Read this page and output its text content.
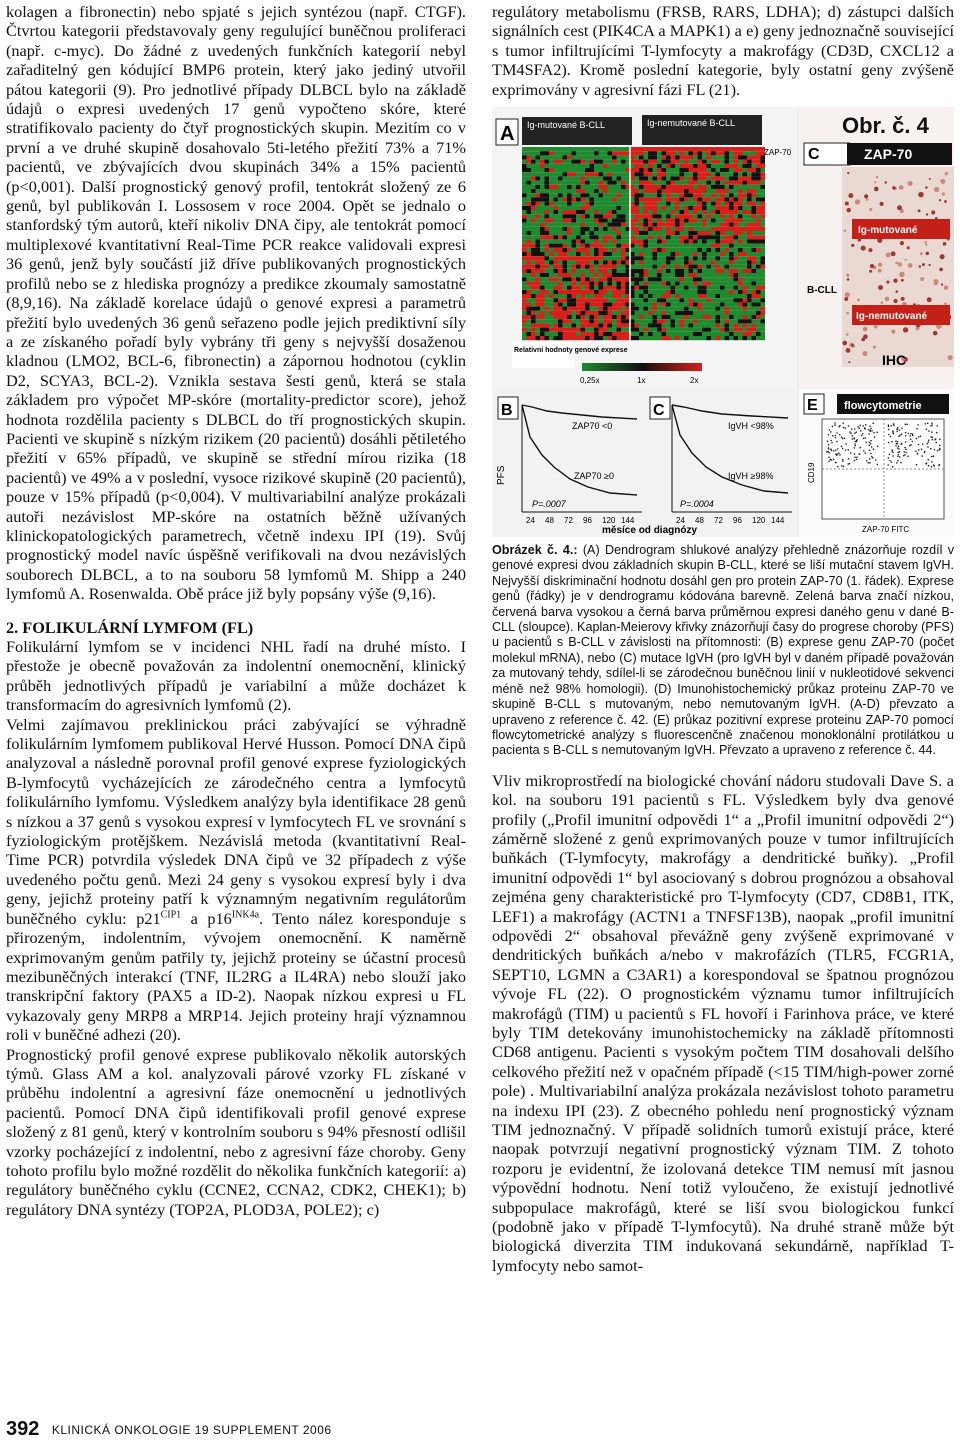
kolagen a fibronectin) nebo spjaté s jejich syntézou (např. CTGF). Čtvrtou kategorii představovaly geny regulující buněčnou proliferaci (např. c-myc). Do žádné z uvedených funkčních kategorií nebyl zařaditelný gen kódující BMP6 protein, který jako jediný utvořil pátou kategorii (9). Pro jednotlivé případy DLBCL bylo na základě údajů o expresi uvedených 17 genů vypočteno skóre, které stratifikovalo pacienty do čtyř prognostických skupin. Mezitím co v první a ve druhé skupině dosahovalo 5ti-letého přežití 73% a 71% pacientů, ve zbývajících dvou skupinách 34% a 15% pacientů (p<0,001). Další prognostický genový profil, tentokrát složený ze 6 genů, byl publikován I. Lossosem v roce 2004. Opět se jednalo o stanfordský tým autorů, kteří nikoliv DNA čipy, ale tentokrát pomocí multiplexové kvantitativní Real-Time PCR reakce validovali expresi 36 genů, jenž byly součástí již dříve publikovaných prognostických profilů nebo se z hlediska prognózy a predikce zkoumaly samostatně (8,9,16). Na základě korelace údajů o genové expresi a parametrů přežití bylo uvedených 36 genů seřazeno podle jejich prediktivní síly a ze získaného pořadí byly vybrány tři geny s nejvyšší dosaženou kladnou (LMO2, BCL-6, fibronectin) a zápornou hodnotou (cyklin D2, SCYA3, BCL-2). Vznikla sestava šesti genů, která se stala základem pro výpočet MP-skóre (mortality-predictor score), jehož hodnota rozdělila pacienty s DLBCL do tří prognostických skupin. Pacienti ve skupině s nízkým rizikem (20 pacientů) dosáhli pětiletého přežití v 65% případů, ve skupině se střední mírou rizika (18 pacientů) ve 49% a v poslední, vysoce rizikové skupině (20 pacientů), pouze v 15% případů (p<0,004). V multivariabilní analýze prokázali autoři nezávislost MP-skóre na ostatních běžně užívaných klinickopatologických parametrech, včetně indexu IPI (19). Svůj prognostický model navíc úspěšně verifikovali na dvou nezávislých souborech DLBCL, a to na souboru 58 lymfomů M. Shipp a 240 lymfomů A. Rosenwalda. Obě práce již byly popsány výše (9,16).

2. FOLIKULÁRNÍ LYMFOM (FL)

Folikulární lymfom se v incidenci NHL řadí na druhé místo. I přestože je obecně považován za indolentní onemocnění, klinický průběh jednotlivých případů je variabilní a může docházet k transformacím do agresivních lymfomů (2).

Velmi zajímavou preklinickou práci zabývající se výhradně folikulárním lymfomem publikoval Hervé Husson. Pomocí DNA čipů analyzoval a následně porovnal profil genové exprese fyziologických B-lymfocytů vycházejících ze zárodečného centra a lymfocytů folikulárního lymfomu. Výsledkem analýzy byla identifikace 28 genů s nízkou a 37 genů s vysokou expresí v lymfocytech FL ve srovnání s fyziologickým protějškem. Nezávislá metoda (kvantitativní Real-Time PCR) potvrdila výsledek DNA čipů ve 32 případech z výše uvedeného počtu genů. Mezi 24 geny s vysokou expresí byly i dva geny, jejichž proteiny patří k významným negativním regulátorům buněčného cyklu: $p21^{CIP1}$ a $p16^{INK4a}$. Tento nález koresponduje s přirozeným, indolentním, vývojem onemocnění. K naměrně exprimovaným genům patřily ty, jejichž proteiny se účastní procesů mezibuněčných interakcí (TNF, IL2RG a IL4RA) nebo slouží jako transkripční faktory (PAX5 a ID-2). Naopak nízkou expresi u FL vykazovaly geny MRP8 a MRP14. Jejich proteiny hrají významnou roli v buněčné adhezi (20).

Prognostický profil genové exprese publikovalo několik autorských týmů. Glass AM a kol. analyzovali párové vzorky FL získané v průběhu indolentní a agresivní fáze onemocnění u jednotlivých pacientů. Pomocí DNA čipů identifikovali profil genové exprese složený z 81 genů, který v kontrolním souboru s 94% přesností odlišil vzorky pocházející z indolentní, nebo z agresivní fáze choroby. Geny tohoto profilu bylo možné rozdělit do několika funkčních kategorií: a) regulátory buněčného cyklu (CCNE2, CCNA2, CDK2, CHEK1); b) regulátory DNA syntézy (TOP2A, PLOD3A, POLE2); c)

regulátory metabolismu (FRSB, RARS, LDHA); d) zástupci dalších signálních cest (PIK4CA a MAPK1) a e) geny jednoznačně související s tumor infiltrujícími T-lymfocyty a makrofágy (CD3D, CXCL12 a TM4SFA2). Kromě poslední kategorie, byly ostatní geny zvýšeně exprimovány v agresivní fázi FL (21).

A Ig-mutované B-CLL	Ig-nemutované B-CLL
ZAP-70
Relativní hodnoty genové exprese
0,25x	1x	2x
Obr. č. 4
C	ZAP-70
Ig-mutované
B-CLL
Ig-nemutované
IHC
B
PFS
ZAP70 <0
ZAP70 ≥0
P=.0007
C
IgVH <98%
IgVH ≥98%
P=.0004
24 48 72 96 120 144	24 48 72 96 120 144
měsíce od diagnózy
E flowcytometrie
ZAP-70 FITC
CD19
Obrázek č. 4.: (A) Dendrogram shlukové analýzy přehledně znázorňuje rozdíl v genové expresi dvou základních skupin B-CLL, které se liší mutační stavem IgVH. Nejvyšší diskriminační hodnotu dosáhl gen pro protein ZAP-70 (1. řádek). Exprese genů (řádky) je v dendrogramu kódována barevně. Zelená barva značí nízkou, červená barva vysokou a černá barva průměrnou expresi daného genu v dané B-CLL (sloupce). Kaplan-Meierovy křivky znázorňují časy do progrese choroby (PFS) u pacientů s B-CLL v závislosti na přítomnosti: (B) exprese genu ZAP-70 (počet molekul mRNA), nebo (C) mutace IgVH (pro IgVH byl v daném případě považován za mutovaný tehdy, sdílel-li se zárodečnou buněčnou linií v nukleotidové sekvenci méně než 98% homologii). (D) Imunohistochemický průkaz proteinu ZAP-70 ve skupině B-CLL s mutovaným, nebo nemutovaným IgVH. (A-D) převzato a upraveno z reference č. 42. (E) průkaz pozitivní exprese proteinu ZAP-70 pomocí flowcytometrické analýzy s fluorescenčně značenou monoklonální protilátkou u pacienta s B-CLL s nemutovaným IgVH. Převzato a upraveno z reference č. 44.

Vliv mikroprostředí na biologické chování nádoru studovali Dave S. a kol. na souboru 191 pacientů s FL. Výsledkem byly dva genové profily („Profil imunitní odpovědi 1“ a „Profil imunitní odpovědi 2“) záměrně složené z genů exprimovaných pouze v tumor infiltrujících buňkách (T-lymfocyty, makrofágy a dendritické buňky). „Profil imunitní odpovědi 1“ byl asociovaný s dobrou prognózou a obsahoval zejména geny charakteristické pro T-lymfocyty (CD7, CD8B1, ITK, LEF1) a makrofágy (ACTN1 a TNFSF13B), naopak „profil imunitní odpovědi 2“ obsahoval převážně geny zvýšeně exprimované v dendritických buňkách a/nebo v makrofázích (TLR5, FCGR1A, SEPT10, LGMN a C3AR1) a korespondoval se špatnou prognózou vývoje FL (22). O prognostickém významu tumor infiltrujících makrofágů (TIM) u pacientů s FL hovoří i Farinhova práce, ve které byly TIM detekovány imunohistochemicky na základě přítomnosti CD68 antigenu. Pacienti s vysokým počtem TIM dosahovali delšího celkového přežití než v opačném případě (<15 TIM/high-power zorné pole) . Multivariabilní analýza prokázala nezávislost tohoto parametru na indexu IPI (23). Z obecného pohledu není prognostický význam TIM jednoznačný. V případě solidních tumorů existují práce, které naopak potvrzují negativní prognostický význam TIM. Z tohoto rozporu je evidentní, že izolovaná detekce TIM nemusí mít jasnou výpovědní hodnotu. Není totiž vyloučeno, že existují jednotlivé subpopulace makrofágů, které se liší svou biologickou funkcí (podobně jako v případě T-lymfocytů). Na druhé straně může být biologická diverzita TIM indukovaná sekundárně, například T-lymfocyty nebo samot-

392 KLINICKÁ ONKOLOGIE 19 SUPPLEMENT 2006
